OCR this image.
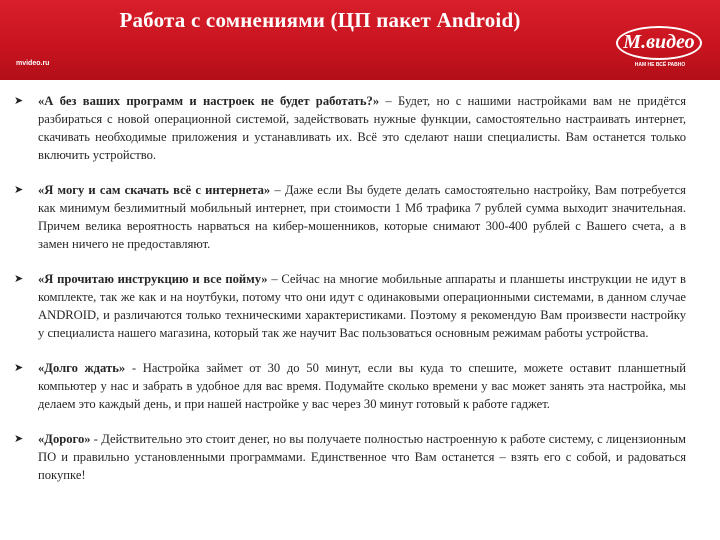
Работа с сомнениями (ЦП пакет Android)
mvideo.ru
М.видео
НАМ НЕ ВСЁ РАВНО
➤ «А без ваших программ и настроек не будет работать?» – Будет, но с нашими настройками вам не придётся разбираться с новой операционной системой, задействовать нужные функции, самостоятельно настраивать интернет, скачивать необходимые приложения и устанавливать их. Всё это сделают наши специалисты. Вам останется только включить устройство.
➤ «Я могу и сам скачать всё с интернета» – Даже если Вы будете делать самостоятельно настройку, Вам потребуется как минимум безлимитный мобильный интернет, при стоимости 1 Мб трафика 7 рублей сумма выходит значительная. Причем велика вероятность нарваться на кибер-мошенников, которые снимают 300-400 рублей с Вашего счета, а в замен ничего не предоставляют.
➤ «Я прочитаю инструкцию и все пойму» – Сейчас на многие мобильные аппараты и планшеты инструкции не идут в комплекте, так же как и на ноутбуки, потому что они идут с одинаковыми операционными системами, в данном случае ANDROID, и различаются только техническими характеристиками. Поэтому я рекомендую Вам произвести настройку у специалиста нашего магазина, который так же научит Вас пользоваться основным режимам работы устройства.
➤ «Долго ждать» - Настройка займет от 30 до 50 минут, если вы куда то спешите, можете оставит планшетный компьютер у нас и забрать в удобное для вас время. Подумайте сколько времени у вас может занять эта настройка, мы делаем это каждый день, и при нашей настройке у вас через 30 минут готовый к работе гаджет.
➤ «Дорого» - Действительно это стоит денег, но вы получаете полностью настроенную к работе систему, с лицензионным ПО и правильно установленными программами. Единственное что Вам останется – взять его с собой, и радоваться покупке!
